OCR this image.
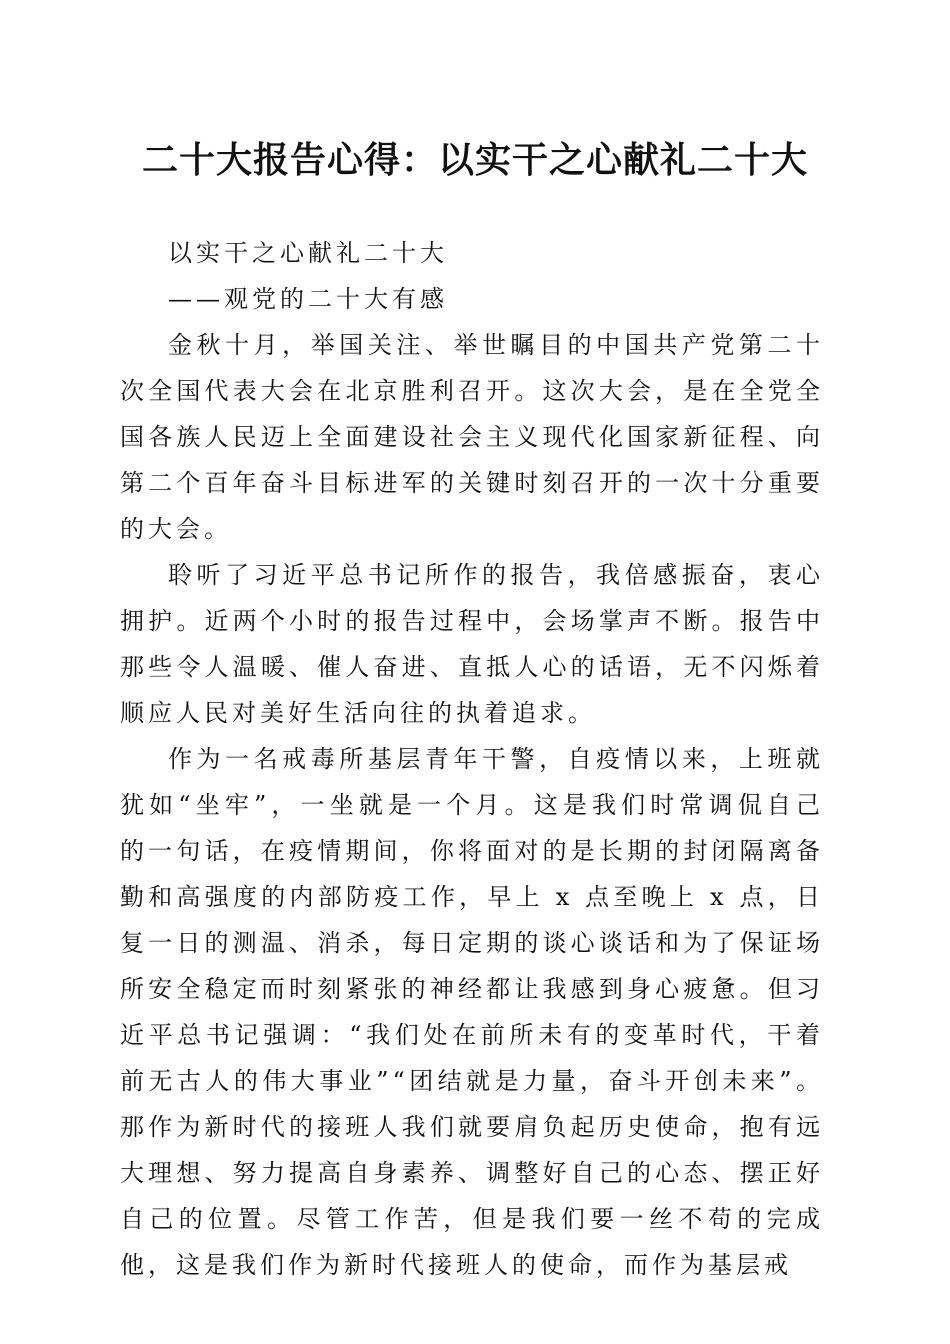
二十大报告心得：以实干之心献礼二十大

以实干之心献礼二十大

——观党的二十大有感

金秋十月，举国关注、举世瞩目的中国共产党第二十次全国代表大会在北京胜利召开。这次大会，是在全党全国各族人民迈上全面建设社会主义现代化国家新征程、向第二个百年奋斗目标进军的关键时刻召开的一次十分重要的大会。

聆听了习近平总书记所作的报告，我倍感振奋，衷心拥护。近两个小时的报告过程中，会场掌声不断。报告中那些令人温暖、催人奋进、直抵人心的话语，无不闪烁着顺应人民对美好生活向往的执着追求。

作为一名戒毒所基层青年干警，自疫情以来，上班就犹如“坐牢”，一坐就是一个月。这是我们时常调侃自己的一句话，在疫情期间，你将面对的是长期的封闭隔离备勤和高强度的内部防疫工作，早上 x 点至晚上 x 点，日复一日的测温、消杀，每日定期的谈心谈话和为了保证场所安全稳定而时刻紧张的神经都让我感到身心疲惫。但习近平总书记强调：“我们处在前所未有的变革时代，干着前无古人的伟大事业”“团结就是力量，奋斗开创未来”。那作为新时代的接班人我们就要肩负起历史使命，抱有远大理想、努力提高自身素养、调整好自己的心态、摆正好自己的位置。尽管工作苦，但是我们要一丝不苟的完成他，这是我们作为新时代接班人的使命，而作为基层戒
